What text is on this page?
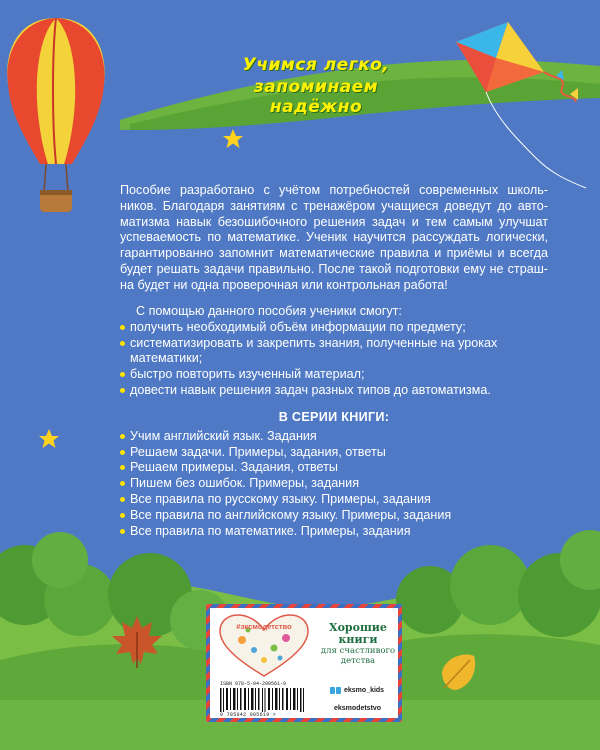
Учимся легко,
запоминаем надёжно
Пособие разработано с учётом потребностей современных школь-
ников. Благодаря занятиям с тренажёром учащиеся доведут до авто-
матизма навык безошибочного решения задач и тем самым улучшат
успеваемость по математике. Ученик научится рассуждать логически,
гарантированно запомнит математические правила и приёмы и всегда
будет решать задачи правильно. После такой подготовки ему не страш-
на будет ни одна проверочная или контрольная работа!
С помощью данного пособия ученики смогут:
получить необходимый объём информации по предмету;
систематизировать и закрепить знания, полученные на уроках математики;
быстро повторить изученный материал;
довести навык решения задач разных типов до автоматизма.
В СЕРИИ КНИГИ:
Учим английский язык. Задания
Решаем задачи. Примеры, задания, ответы
Решаем примеры. Задания, ответы
Пишем без ошибок. Примеры, задания
Все правила по русскому языку. Примеры, задания
Все правила по английскому языку. Примеры, задания
Все правила по математике. Примеры, задания
#эксмодетство	Хорошие
книги
для счастливого
детства
ISBN 978-5-04-200561-9
9 785042 005619 >
eksmo_kids
eksmodetstvo
